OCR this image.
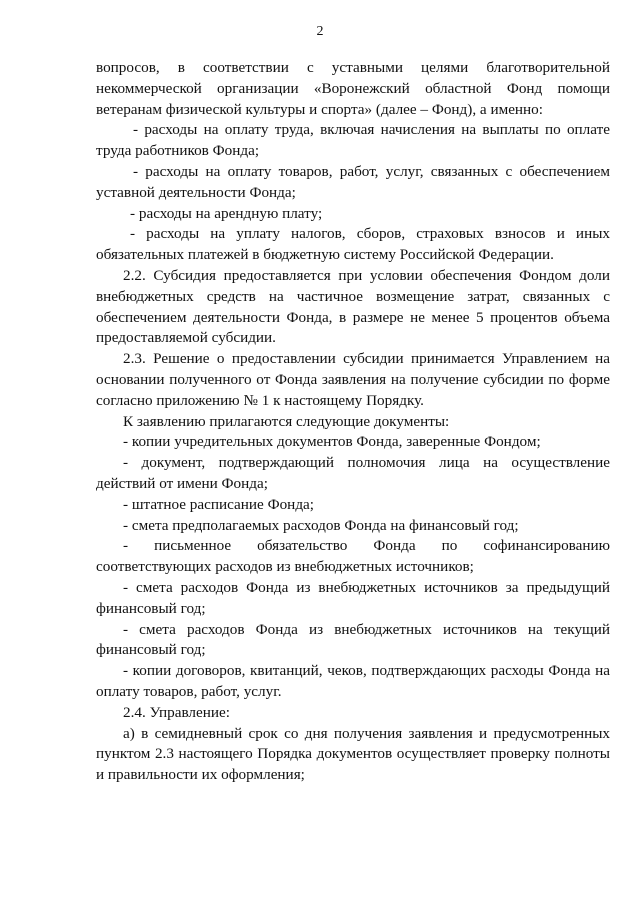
2

вопросов, в соответствии с уставными целями благотворительной некоммерческой организации «Воронежский областной Фонд помощи ветеранам физической культуры и спорта» (далее – Фонд), а именно:

- расходы на оплату труда, включая начисления на выплаты по оплате труда работников Фонда;

- расходы на оплату товаров, работ, услуг, связанных с обеспечением уставной деятельности Фонда;

- расходы на арендную плату;

- расходы на уплату налогов, сборов, страховых взносов и иных обязательных платежей в бюджетную систему Российской Федерации.

2.2. Субсидия предоставляется при условии обеспечения Фондом доли внебюджетных средств на частичное возмещение затрат, связанных с обеспечением деятельности Фонда, в размере не менее 5 процентов объема предоставляемой субсидии.

2.3. Решение о предоставлении субсидии принимается Управлением на основании полученного от Фонда заявления на получение субсидии по форме согласно приложению № 1 к настоящему Порядку.

К заявлению прилагаются следующие документы:

- копии учредительных документов Фонда, заверенные Фондом;

- документ, подтверждающий полномочия лица на осуществление действий от имени Фонда;

- штатное расписание Фонда;

- смета предполагаемых расходов Фонда на финансовый год;

- письменное обязательство Фонда по софинансированию соответствующих расходов из внебюджетных источников;

- смета расходов Фонда из внебюджетных источников за предыдущий финансовый год;

- смета расходов Фонда из внебюджетных источников на текущий финансовый год;

- копии договоров, квитанций, чеков, подтверждающих расходы Фонда на оплату товаров, работ, услуг.

2.4. Управление:

а) в семидневный срок со дня получения заявления и предусмотренных пунктом 2.3 настоящего Порядка документов осуществляет проверку полноты и правильности их оформления;
